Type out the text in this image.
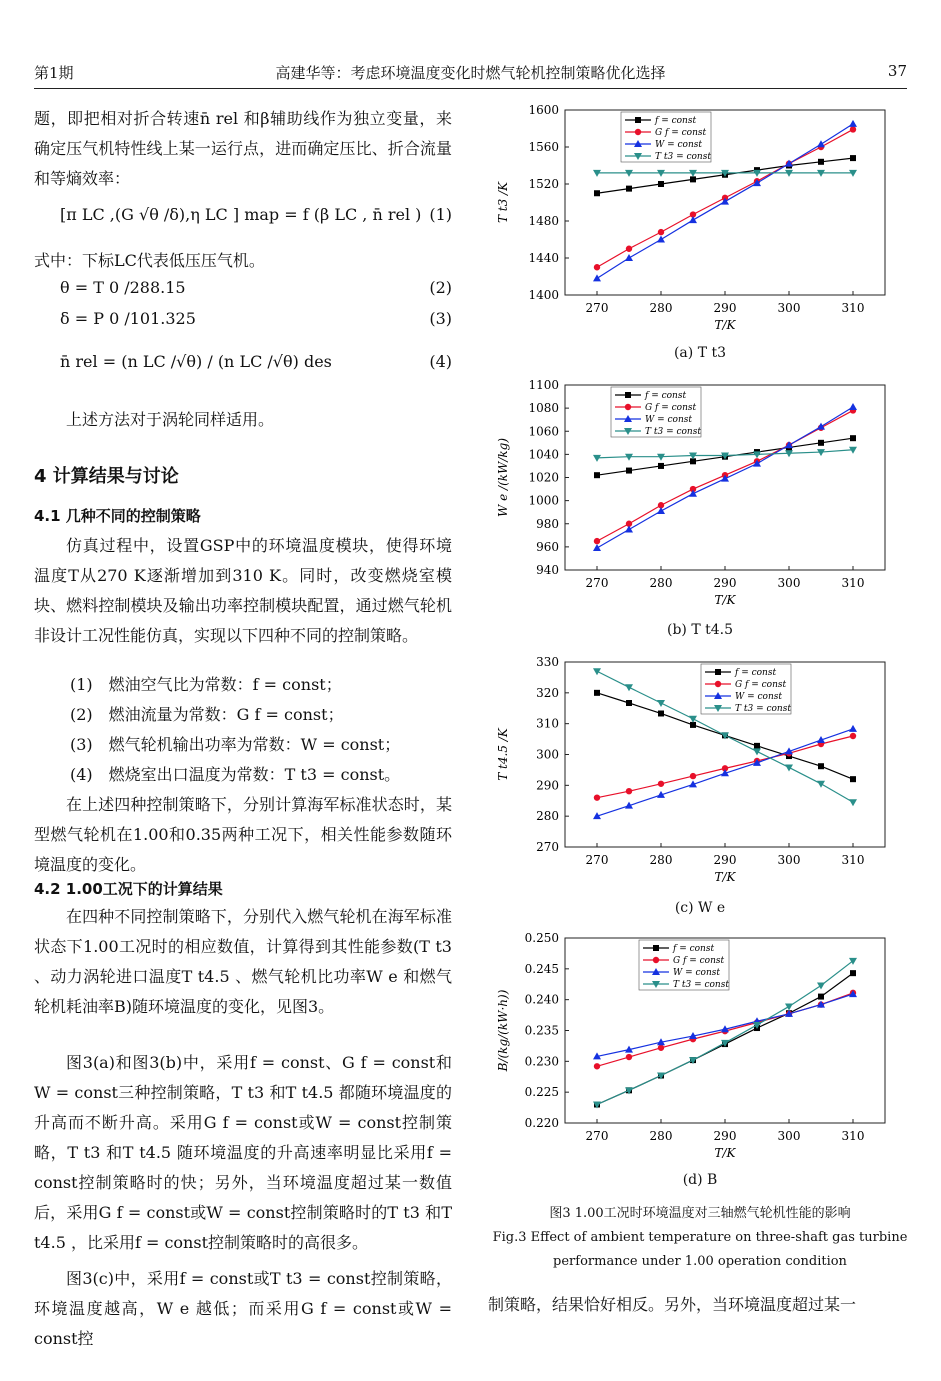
第1期	高建华等：考虑环境温度变化时燃气轮机控制策略优化选择	37

题，即把相对折合转速n̄ rel 和β辅助线作为独立变量，来确定压气机特性线上某一运行点，进而确定压比、折合流量和等熵效率：

[π LC ,(G √θ /δ),η LC ] map = f (β LC , n̄ rel ) (1)

式中：下标LC代表低压压气机。

θ = T 0 /288.15	(2)
δ = P 0 /101.325	(3)
n̄ rel = (n LC /√θ) / (n LC /√θ) des	(4)

上述方法对于涡轮同样适用。

4 计算结果与讨论
4.1 几种不同的控制策略

仿真过程中，设置GSP中的环境温度模块，使得环境温度T从270 K逐渐增加到310 K。同时，改变燃烧室模块、燃料控制模块及输出功率控制模块配置，通过燃气轮机非设计工况性能仿真，实现以下四种不同的控制策略。

(1)　燃油空气比为常数：f = const；
(2)　燃油流量为常数：G f = const；
(3)　燃气轮机输出功率为常数：W = const；
(4)　燃烧室出口温度为常数：T t3 = const。

在上述四种控制策略下，分别计算海军标准状态时，某型燃气轮机在1.00和0.35两种工况下，相关性能参数随环境温度的变化。

4.2 1.00工况下的计算结果

在四种不同控制策略下，分别代入燃气轮机在海军标准状态下1.00工况时的相应数值，计算得到其性能参数(T t3 、动力涡轮进口温度T t4.5 、燃气轮机比功率W e 和燃气轮机耗油率B)随环境温度的变化，见图3。

图3(a)和图3(b)中，采用f = const、G f = const和W = const三种控制策略，T t3 和T t4.5 都随环境温度的升高而不断升高。采用G f = const或W = const控制策略，T t3 和T t4.5 随环境温度的升高速率明显比采用f = const控制策略时的快；另外，当环境温度超过某一数值后，采用G f = const或W = const控制策略时的T t3 和T t4.5 ，比采用f = const控制策略时的高很多。

图3(c)中，采用f = const或T t3 = const控制策略，环境温度越高，W e 越低；而采用G f = const或W = const控

1400
1440
1480
1520
1560
1600
270	280	290	300	310
T/K
T t3 /K
f = const
G f = const
W = const
T t3 = const
(a) T t3
940
960
980
1000
1020
1040
1060
1080
1100
270	280	290	300	310
T/K
W e /(kW/kg)
f = const
G f = const
W = const
T t3 = const
(b) T t4.5
270
280
290
300
310
320
330
270	280	290	300	310
T/K
T t4.5 /K
f = const
G f = const
W = const
T t3 = const
(c) W e
0.220
0.225
0.230
0.235
0.240
0.245
0.250
270	280	290	300	310
T/K
B/(kg/(kW·h))
f = const
G f = const
W = const
T t3 = const
(d) B
图3 1.00工况时环境温度对三轴燃气轮机性能的影响
Fig.3 Effect of ambient temperature on three-shaft gas turbine
performance under 1.00 operation condition
制策略，结果恰好相反。另外，当环境温度超过某一
